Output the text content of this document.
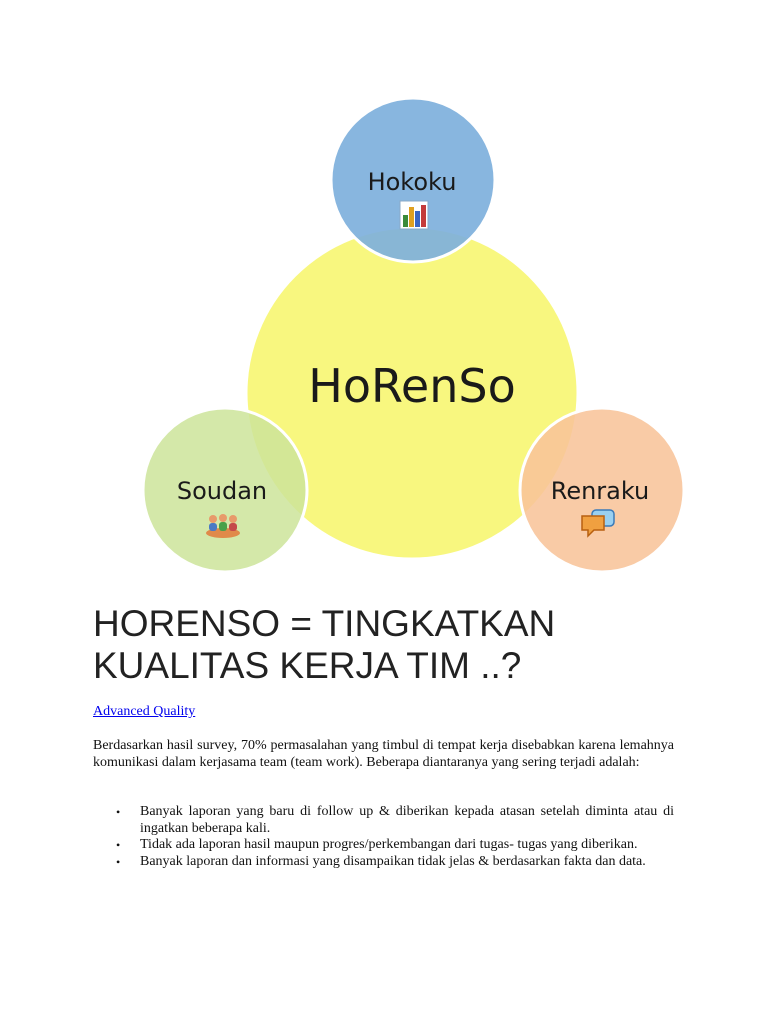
HoRenSo
Hokoku
Soudan	Renraku
HORENSO = TINGKATKAN KUALITAS KERJA TIM ..?
Advanced Quality

Berdasarkan hasil survey, 70% permasalahan yang timbul di tempat kerja disebabkan karena lemahnya komunikasi dalam kerjasama team (team work). Beberapa diantaranya yang sering terjadi adalah:

• Banyak laporan yang baru di follow up & diberikan kepada atasan setelah diminta atau di ingatkan beberapa kali.
• Tidak ada laporan hasil maupun progres/perkembangan dari tugas- tugas yang diberikan.
• Banyak laporan dan informasi yang disampaikan tidak jelas & berdasarkan fakta dan data.
